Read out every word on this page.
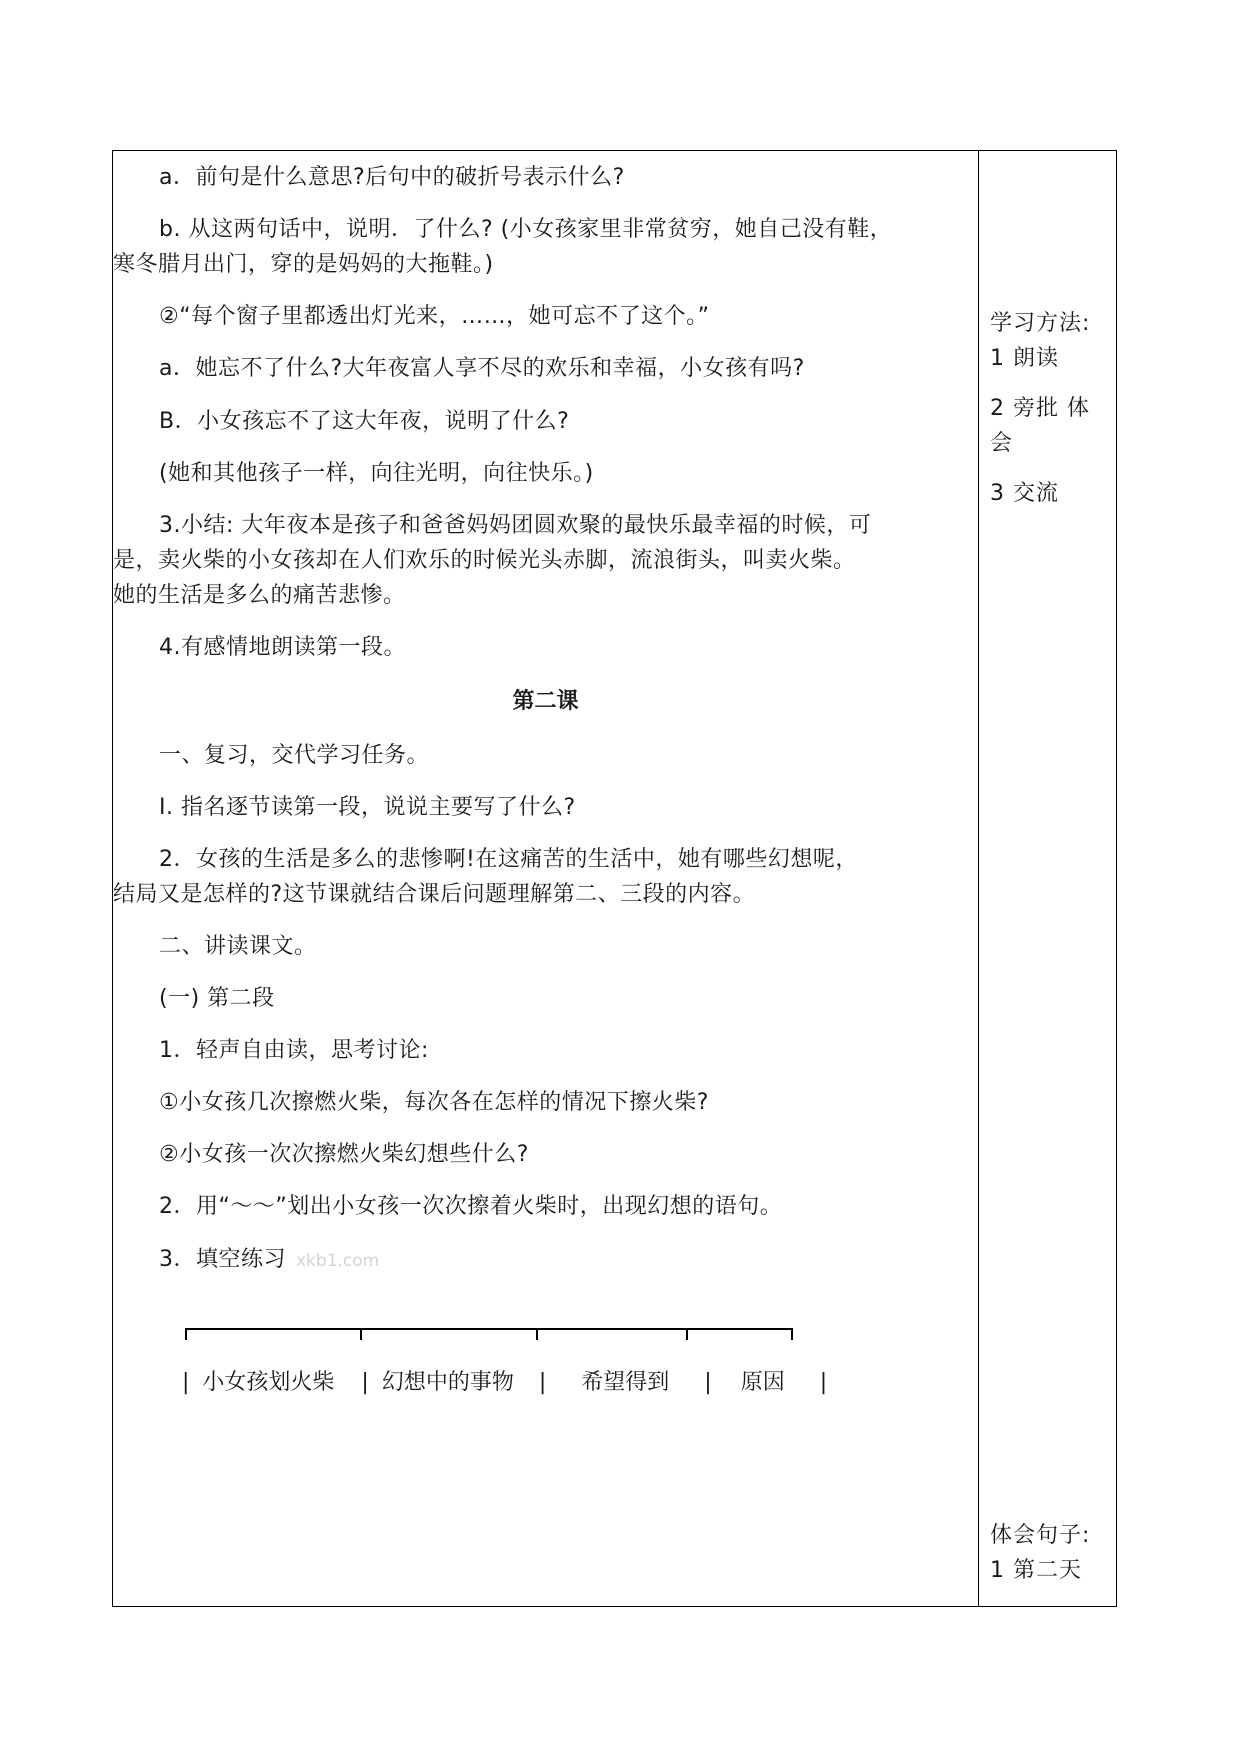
a．前句是什么意思?后句中的破折号表示什么?
b. 从这两句话中，说明．了什么? (小女孩家里非常贫穷，她自己没有鞋，
寒冬腊月出门，穿的是妈妈的大拖鞋。)
②“每个窗子里都透出灯光来，……，她可忘不了这个。”
a．她忘不了什么?大年夜富人享不尽的欢乐和幸福，小女孩有吗?
B．小女孩忘不了这大年夜，说明了什么?
(她和其他孩子一样，向往光明，向往快乐。)
3.小结: 大年夜本是孩子和爸爸妈妈团圆欢聚的最快乐最幸福的时候，可
是，卖火柴的小女孩却在人们欢乐的时候光头赤脚，流浪街头，叫卖火柴。
她的生活是多么的痛苦悲惨。
4.有感情地朗读第一段。
第二课
一、复习，交代学习任务。
I. 指名逐节读第一段，说说主要写了什么?
2．女孩的生活是多么的悲惨啊!在这痛苦的生活中，她有哪些幻想呢，
结局又是怎样的?这节课就结合课后问题理解第二、三段的内容。
二、讲读课文。
(一) 第二段
1．轻声自由读，思考讨论:
①小女孩几次擦燃火柴，每次各在怎样的情况下擦火柴?
②小女孩一次次擦燃火柴幻想些什么?
2．用“～～”划出小女孩一次次擦着火柴时，出现幻想的语句。
3．填空练习 xkb1.com
学习方法:
1 朗读
2 旁批 体
会
3 交流
体会句子:
1 第二天
| 小女孩划火柴 | 幻想中的事物 | 希望得到 | 原因 |
